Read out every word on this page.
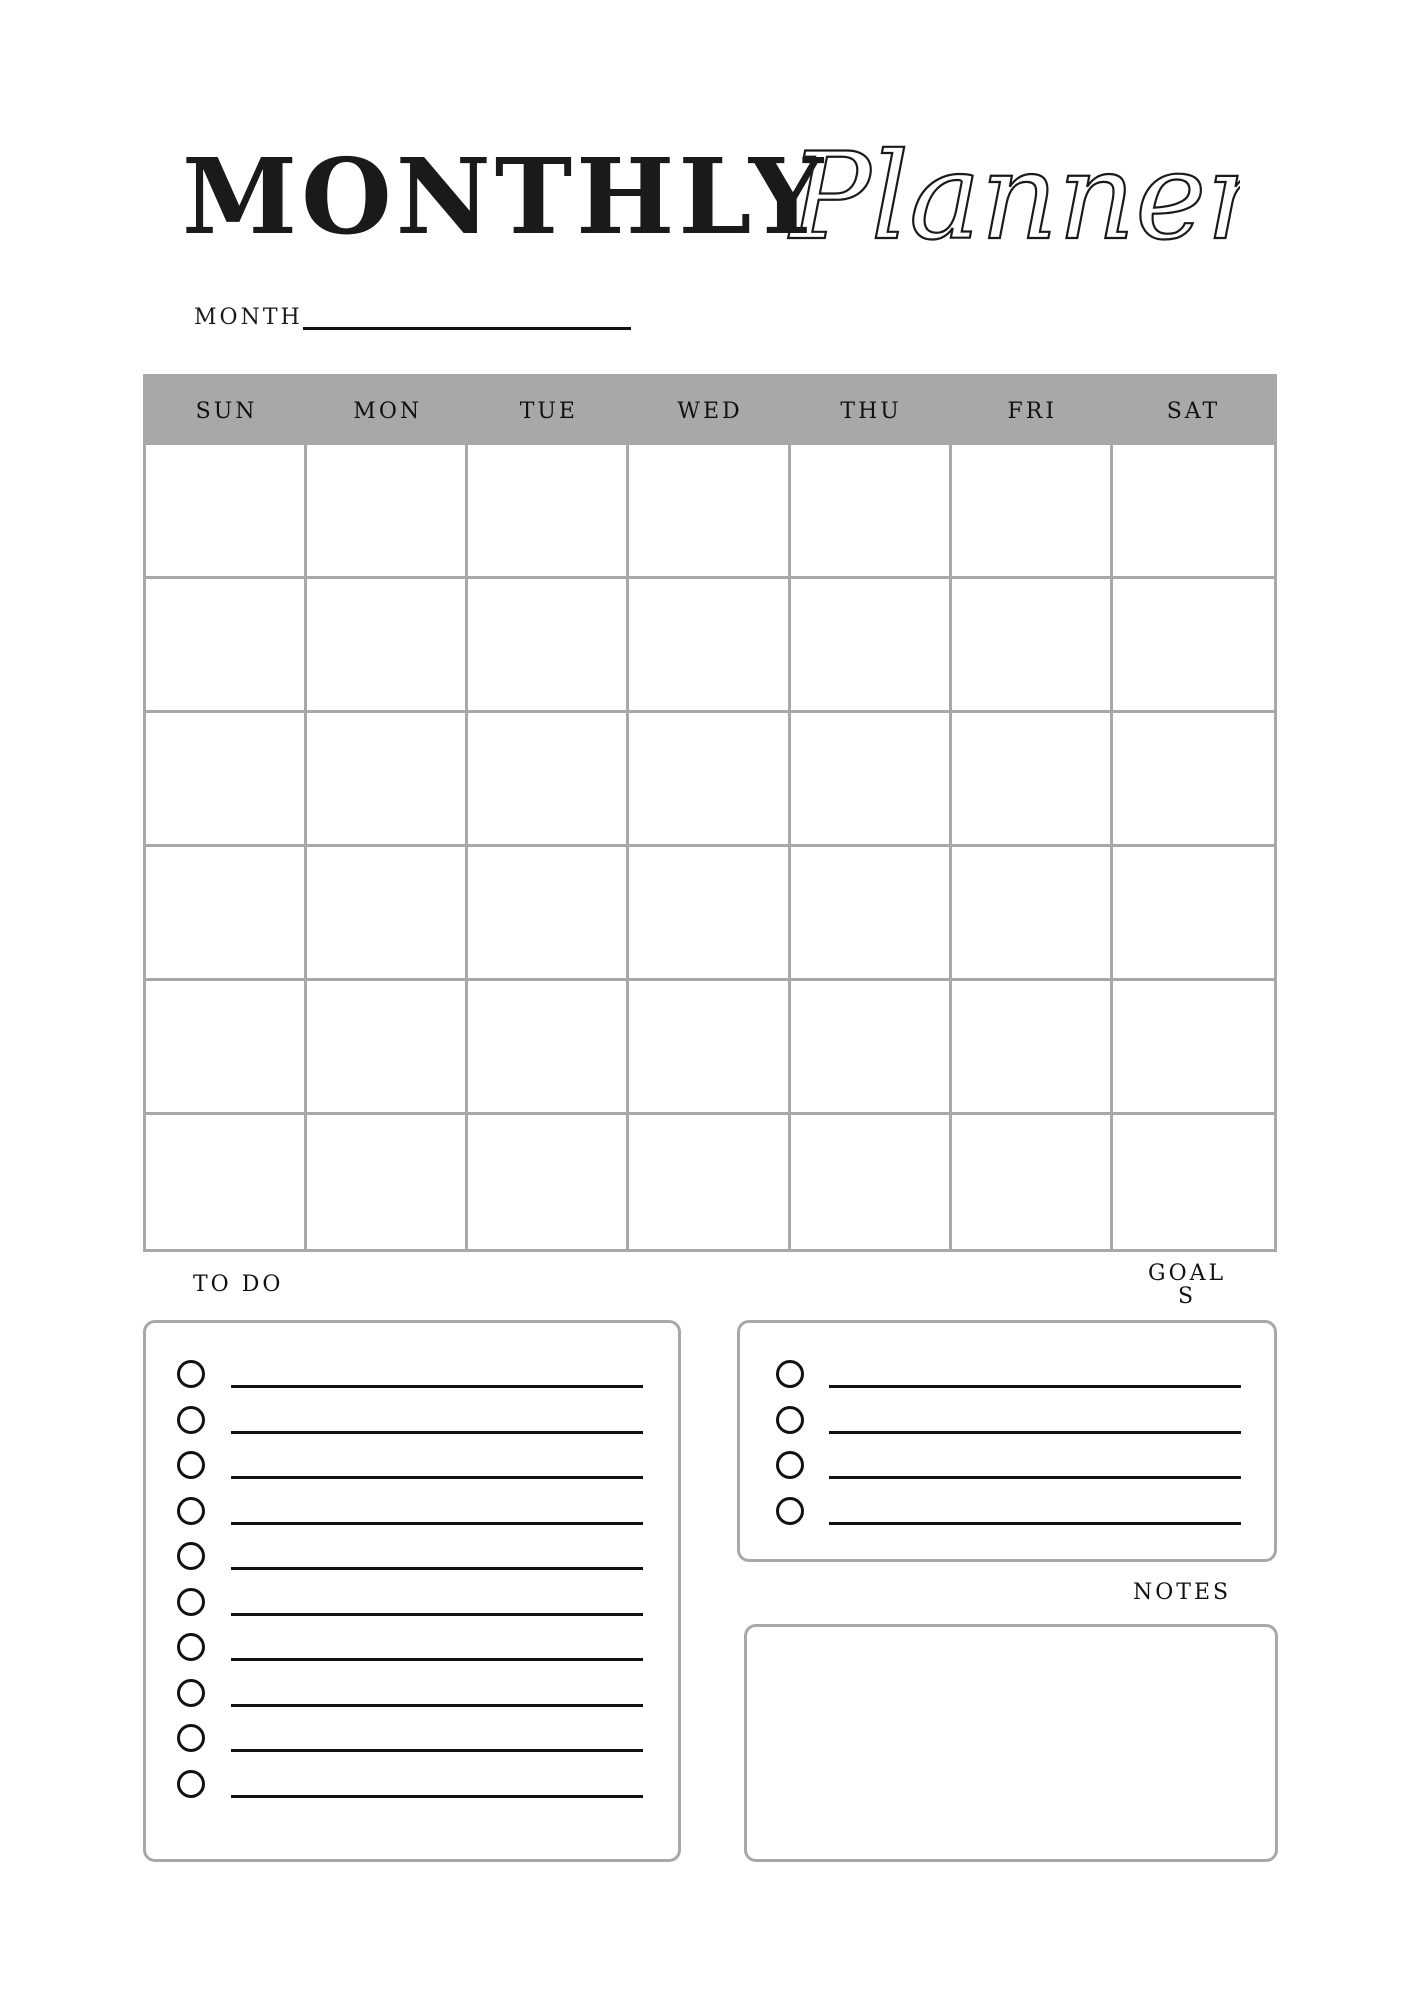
MONTHLY
Planner
MONTH
SUN	MON	TUE	WED	THU	FRI	SAT
TO DO	GOAL
S
NOTES
